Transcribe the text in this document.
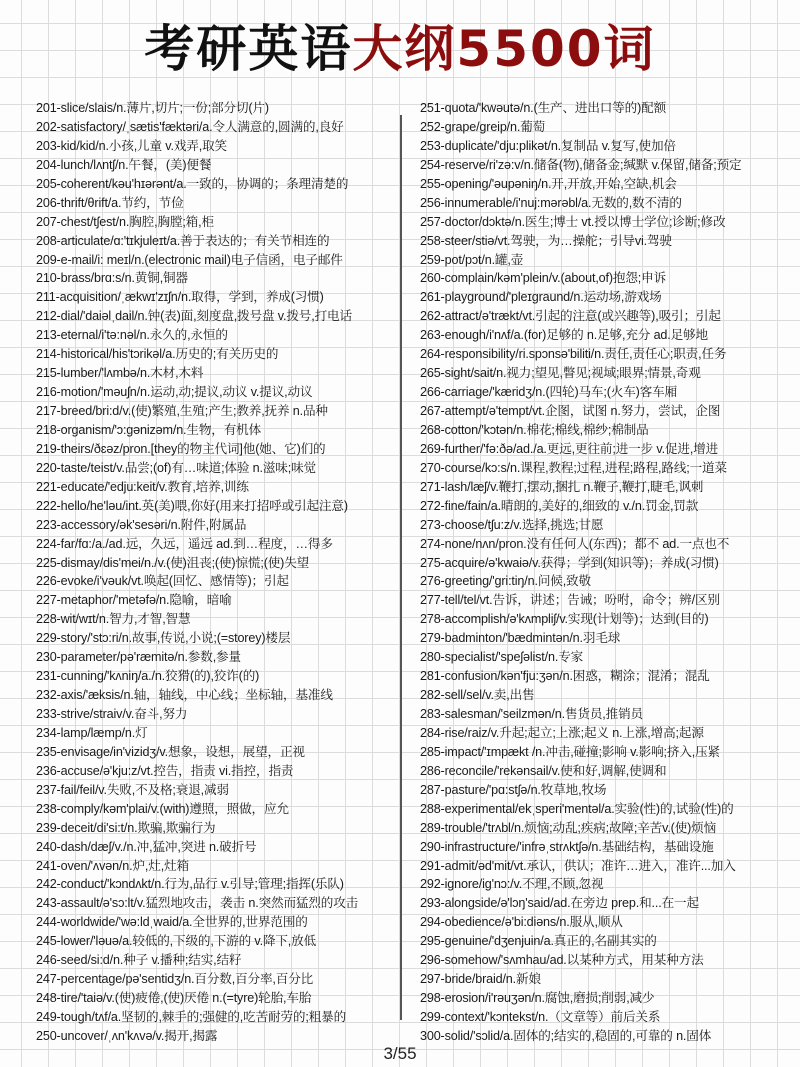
考研英语大纲5500词
201-slice/slais/n.薄片,切片;一份;部分切(片)
202-satisfactory/ˌsætis'fæktəri/a.令人满意的,圆满的,良好
203-kid/kid/n.小孩,儿童 v.戏弄,取笑
204-lunch/lʌntʃ/n.午餐，(美)便餐
205-coherent/kəu'hɪərənt/a.一致的，协调的；条理清楚的
206-thrift/θrift/a.节约，节俭
207-chest/tʃest/n.胸腔,胸膛;箱,柜
208-articulate/ɑ:'tɪkjuleɪt/a.善于表达的；有关节相连的
209-e-mail/i: meɪl/n.(electronic mail)电子信函，电子邮件
210-brass/brɑ:s/n.黄铜,铜器
211-acquisition/ˌækwɪ'zɪʃn/n.取得，学到，养成(习惯)
212-dial/'daiəlˌdail/n.钟(表)面,刻度盘,拨号盘 v.拨号,打电话
213-eternal/i'tə:nəl/n.永久的,永恒的
214-historical/his'tɔrikəl/a.历史的;有关历史的
215-lumber/'lʌmbə/n.木材,木料
216-motion/'məuʃn/n.运动,动;提议,动议 v.提议,动议
217-breed/bri:d/v.(使)繁殖,生殖;产生;教养,抚养 n.品种
218-organism/'ɔ:gənizəm/n.生物，有机体
219-theirs/ðɛəz/pron.[they的物主代词]他(她、它)们的
220-taste/teist/v.品尝;(of)有…味道;体验 n.滋味;味觉
221-educate/'edju:keit/v.教育,培养,训练
222-hello/he'ləu/int.英(美)喂,你好(用来打招呼或引起注意)
223-accessory/ək'sesəri/n.附件,附属品
224-far/fɑ:/a./ad.远，久远，遥远 ad.到…程度，…得多
225-dismay/dis'mei/n./v.(使)沮丧;(使)惊慌;(使)失望
226-evoke/i'vəuk/vt.唤起(回忆、感情等)；引起
227-metaphor/'metəfə/n.隐喻，暗喻
228-wit/wɪt/n.智力,才智,智慧
229-story/'stɔ:ri/n.故事,传说,小说;(=storey)楼层
230-parameter/pə'ræmitə/n.参数,参量
231-cunning/'kʌniŋ/a./n.狡猾(的),狡诈(的)
232-axis/'æksis/n.轴，轴线，中心线；坐标轴，基准线
233-strive/straiv/v.奋斗,努力
234-lamp/læmp/n.灯
235-envisage/in'vizidʒ/v.想象，设想，展望，正视
236-accuse/ə'kju:z/vt.控告，指责 vi.指控，指责
237-fail/feil/v.失败,不及格;衰退,减弱
238-comply/kəm'plai/v.(with)遵照，照做，应允
239-deceit/di'si:t/n.欺骗,欺骗行为
240-dash/dæʃ/v./n.冲,猛冲,突进 n.破折号
241-oven/'ʌvən/n.炉,灶,灶箱
242-conduct/'kɔndʌkt/n.行为,品行 v.引导;管理;指挥(乐队)
243-assault/ə'sɔ:lt/v.猛烈地攻击，袭击 n.突然而猛烈的攻击
244-worldwide/'wə:ldˌwaid/a.全世界的,世界范围的
245-lower/'ləuə/a.较低的,下级的,下游的 v.降下,放低
246-seed/si:d/n.种子 v.播种;结实,结籽
247-percentage/pə'sentidʒ/n.百分数,百分率,百分比
248-tire/'taiə/v.(使)疲倦,(使)厌倦 n.(=tyre)轮胎,车胎
249-tough/tʌf/a.坚韧的,棘手的;强健的,吃苦耐劳的;粗暴的
250-uncover/ˌʌn'kʌvə/v.揭开,揭露
251-quota/'kwəutə/n.(生产、进出口等的)配额
252-grape/greip/n.葡萄
253-duplicate/'dju:plikət/n.复制品 v.复写,使加倍
254-reserve/ri'zə:v/n.储备(物),储备金;缄默 v.保留,储备;预定
255-opening/'əupəniŋ/n.开,开放,开始,空缺,机会
256-innumerable/i'nuj:mərəbl/a.无数的,数不清的
257-doctor/dɔktə/n.医生;博士 vt.授以博士学位;诊断;修改
258-steer/stiə/vt.驾驶，为…操舵；引导vi.驾驶
259-pot/pɔt/n.罐,壶
260-complain/kəm'plein/v.(about,of)抱怨;申诉
261-playground/'pleɪgraund/n.运动场,游戏场
262-attract/ə'trækt/vt.引起的注意(或兴趣等),吸引；引起
263-enough/i'nʌf/a.(for)足够的 n.足够,充分 ad.足够地
264-responsibility/ri.spɔnsə'biliti/n.责任,责任心;职责,任务
265-sight/sait/n.视力;望见,瞥见;视域;眼界;情景,奇观
266-carriage/'kæridʒ/n.(四轮)马车;(火车)客车厢
267-attempt/ə'tempt/vt.企图，试图 n.努力，尝试，企图
268-cotton/'kɔtən/n.棉花;棉线,棉纱;棉制品
269-further/'fə:ðə/ad./a.更远,更往前;进一步 v.促进,增进
270-course/kɔ:s/n.课程,教程;过程,进程;路程,路线;一道菜
271-lash/læʃ/v.鞭打,摆动,捆扎 n.鞭子,鞭打,睫毛,讽刺
272-fine/fain/a.晴朗的,美好的,细致的 v./n.罚金,罚款
273-choose/tʃu:z/v.选择,挑选;甘愿
274-none/nʌn/pron.没有任何人(东西)；都不 ad.一点也不
275-acquire/ə'kwaiə/v.获得；学到(知识等)；养成(习惯)
276-greeting/'gri:tiŋ/n.问候,致敬
277-tell/tel/vt.告诉，讲述；告诫；吩咐，命令；辨/区别
278-accomplish/ə'kʌmpliʃ/v.实现(计划等)；达到(目的)
279-badminton/'bædmintən/n.羽毛球
280-specialist/'speʃəlist/n.专家
281-confusion/kən'fju:ʒən/n.困惑，糊涂；混淆；混乱
282-sell/sel/v.卖,出售
283-salesman/'seilzmən/n.售货员,推销员
284-rise/raiz/v.升起;起立;上涨;起义 n.上涨,增高;起源
285-impact/'ɪmpækt /n.冲击,碰撞;影响 v.影响;挤入,压紧
286-reconcile/'rekənsail/v.使和好,调解,使调和
287-pasture/'pɑ:stʃə/n.牧草地,牧场
288-experimental/ekˌsperi'mentəl/a.实验(性)的,试验(性)的
289-trouble/'trʌbl/n.烦恼;动乱;疾病;故障;辛苦v.(使)烦恼
290-infrastructure/'infrəˌstrʌktʃə/n.基础结构，基础设施
291-admit/əd'mit/vt.承认，供认；准许…进入，准许...加入
292-ignore/ig'nɔ:/v.不理,不顾,忽视
293-alongside/ə'lɔŋ'said/ad.在旁边 prep.和...在一起
294-obedience/ə'bi:diəns/n.服从,顺从
295-genuine/'dʒenjuin/a.真正的,名副其实的
296-somehow/'sʌmhau/ad.以某种方式，用某种方法
297-bride/braid/n.新娘
298-erosion/i'rəuʒən/n.腐蚀,磨损;削弱,减少
299-context/'kɔntekst/n.（文章等）前后关系
300-solid/'sɔlid/a.固体的;结实的,稳固的,可靠的 n.固体
3/55
